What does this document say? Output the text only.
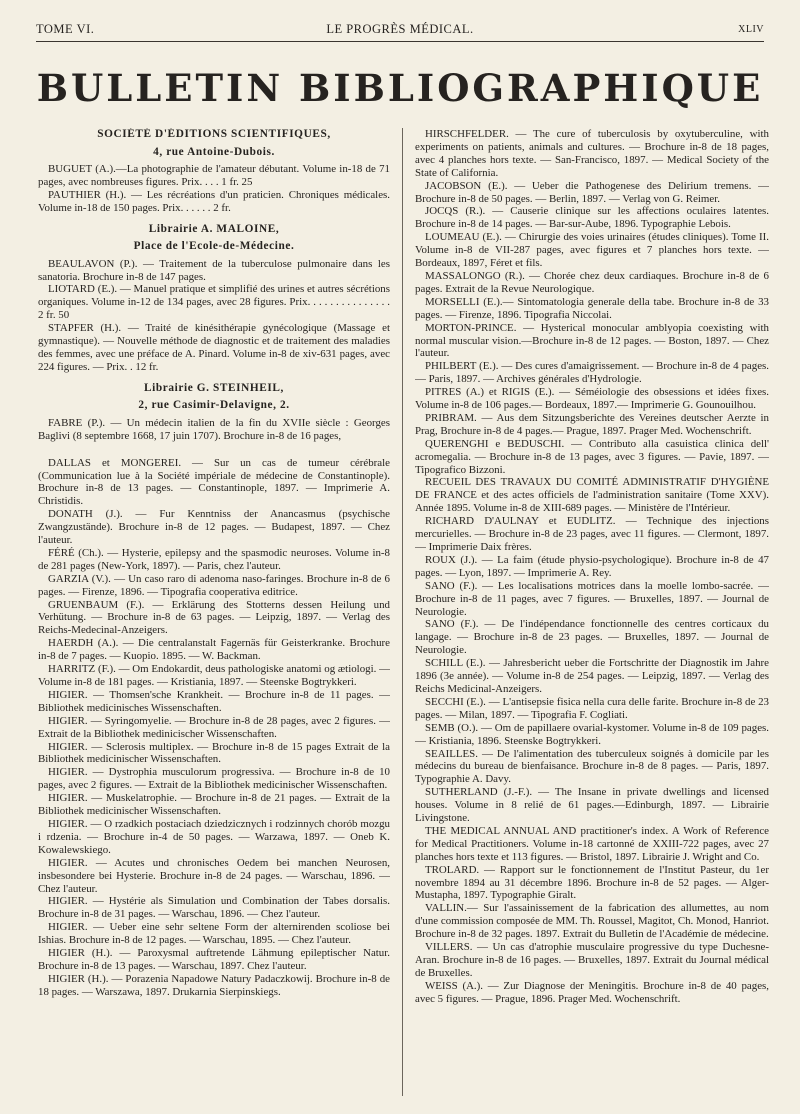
TOME VI.	LE PROGRÈS MÉDICAL.	XLIV
BULLETIN BIBLIOGRAPHIQUE
SOCIÉTÉ D'ÉDITIONS SCIENTIFIQUES,
4, rue Antoine-Dubois.

BUGUET (A.).—La photographie de l'amateur débutant. Volume in-18 de 71 pages, avec nombreuses figures. Prix. . . . 1 fr. 25

PAUTHIER (H.). — Les récréations d'un praticien. Chroniques médicales. Volume in-18 de 150 pages. Prix. . . . . . 2 fr.

Librairie A. MALOINE,
Place de l'Ecole-de-Médecine.

BEAULAVON (P.). — Traitement de la tuberculose pulmonaire dans les sanatoria. Brochure in-8 de 147 pages.

LIOTARD (E.). — Manuel pratique et simplifié des urines et autres sécrétions organiques. Volume in-12 de 134 pages, avec 28 figures. Prix. . . . . . . . . . . . . . . 2 fr. 50

STAPFER (H.). — Traité de kinésithérapie gynécologique (Massage et gymnastique). — Nouvelle méthode de diagnostic et de traitement des maladies des femmes, avec une préface de A. Pinard. Volume in-8 de xiv-631 pages, avec 224 figures. — Prix. . 12 fr.

Librairie G. STEINHEIL,
2, rue Casimir-Delavigne, 2.

FABRE (P.). — Un médecin italien de la fin du XVIIe siècle : Georges Baglivi (8 septembre 1668, 17 juin 1707). Brochure in-8 de 16 pages,

DALLAS et MONGEREI. — Sur un cas de tumeur cérébrale (Communication lue à la Société impériale de médecine de Constantinople). Brochure in-8 de 13 pages. — Constantinople, 1897. — Imprimerie A. Christidis.

DONATH (J.). — Fur Kenntniss der Anancasmus (psychische Zwangzustände). Brochure in-8 de 12 pages. — Budapest, 1897. — Chez l'auteur.

FÉRÉ (Ch.). — Hysterie, epilepsy and the spasmodic neuroses. Volume in-8 de 281 pages (New-York, 1897). — Paris, chez l'auteur.

GARZIA (V.). — Un caso raro di adenoma naso-faringes. Brochure in-8 de 6 pages. — Firenze, 1896. — Tipografia cooperativa editrice.

GRUENBAUM (F.). — Erklärung des Stotterns dessen Heilung und Verhütung. — Brochure in-8 de 63 pages. — Leipzig, 1897. — Verlag des Reichs-Medecinal-Anzeigers.

HAERDH (A.). — Die centralanstalt Fagernäs für Geisterkranke. Brochure in-8 de 7 pages. — Kuopio. 1895. — W. Backman.

HARRITZ (F.). — Om Endokardit, deus pathologiske anatomi og ætiologi. — Volume in-8 de 181 pages. — Kristiania, 1897. — Steenske Bogtrykkeri.

HIGIER. — Thomsen'sche Krankheit. — Brochure in-8 de 11 pages. — Bibliothek medicinisches Wissenschaften.

HIGIER. — Syringomyelie. — Brochure in-8 de 28 pages, avec 2 figures. — Extrait de la Bibliothek medinicischer Wissenschaften.

HIGIER. — Sclerosis multiplex. — Brochure in-8 de 15 pages Extrait de la Bibliothek medicinischer Wissenschaften.

HIGIER. — Dystrophia musculorum progressiva. — Brochure in-8 de 10 pages, avec 2 figures. — Extrait de la Bibliothek medicinischer Wissenschaften.

HIGIER. — Muskelatrophie. — Brochure in-8 de 21 pages. — Extrait de la Bibliothek medicinischer Wissenschaften.

HIGIER. — O rzadkich postaciach dziedzicznych i rodzinnych chorób mozgu i rdzenia. — Brochure in-4 de 50 pages. — Warzawa, 1897. — Oneb K. Kowalewskiego.

HIGIER. — Acutes und chronisches Oedem bei manchen Neurosen, insbesondere bei Hysterie. Brochure in-8 de 24 pages. — Warschau, 1896. — Chez l'auteur.

HIGIER. — Hystérie als Simulation und Combination der Tabes dorsalis. Brochure in-8 de 31 pages. — Warschau, 1896. — Chez l'auteur.

HIGIER. — Ueber eine sehr seltene Form der alternirenden scoliose bei Ishias. Brochure in-8 de 12 pages. — Warschau, 1895. — Chez l'auteur.

HIGIER (H.). — Paroxysmal auftretende Lähmung epileptischer Natur. Brochure in-8 de 13 pages. — Warschau, 1897. Chez l'auteur.

HIGIER (H.). — Porazenia Napadowe Natury Padaczkowij. Brochure in-8 de 18 pages. — Warszawa, 1897. Drukarnia Sierpinskiegs.

HIRSCHFELDER. — The cure of tuberculosis by oxytuberculine, with experiments on patients, animals and cultures. — Brochure in-8 de 18 pages, avec 4 planches hors texte. — San-Francisco, 1897. — Medical Society of the State of California.

JACOBSON (E.). — Ueber die Pathogenese des Delirium tremens. — Brochure in-8 de 50 pages. — Berlin, 1897. — Verlag von G. Reimer.

JOCQS (R.). — Causerie clinique sur les affections oculaires latentes. Brochure in-8 de 14 pages. — Bar-sur-Aube, 1896. Typographie Lebois.

LOUMEAU (E.). — Chirurgie des voies urinaires (études cliniques). Tome II. Volume in-8 de VII-287 pages, avec figures et 7 planches hors texte. — Bordeaux, 1897, Féret et fils.

MASSALONGO (R.). — Chorée chez deux cardiaques. Brochure in-8 de 6 pages. Extrait de la Revue Neurologique.

MORSELLI (E.).— Sintomatologia generale della tabe. Brochure in-8 de 33 pages. — Firenze, 1896. Tipografia Niccolai.

MORTON-PRINCE. — Hysterical monocular amblyopia coexisting with normal muscular vision.—Brochure in-8 de 12 pages. — Boston, 1897. — Chez l'auteur.

PHILBERT (E.). — Des cures d'amaigrissement. — Brochure in-8 de 4 pages. — Paris, 1897. — Archives générales d'Hydrologie.

PITRES (A.) et RIGIS (E.). — Séméiologie des obsessions et idées fixes. Volume in-8 de 106 pages.— Bordeaux, 1897.— Imprimerie G. Gounouilhou.

PRIBRAM. — Aus dem Sitzungsberichte des Vereines deutscher Aerzte in Prag, Brochure in-8 de 4 pages.— Prague, 1897. Prager Med. Wochenschrift.

QUERENGHI e BEDUSCHI. — Contributo alla casuistica clinica dell' acromegalia. — Brochure in-8 de 13 pages, avec 3 figures. — Pavie, 1897. — Tipografico Bizzoni.

RECUEIL DES TRAVAUX DU COMITÉ ADMINISTRATIF D'HYGIÈNE DE FRANCE et des actes officiels de l'administration sanitaire (Tome XXV). Année 1895. Volume in-8 de XIII-689 pages. — Ministère de l'Intérieur.

RICHARD D'AULNAY et EUDLITZ. — Technique des injections mercurielles. — Brochure in-8 de 23 pages, avec 11 figures. — Clermont, 1897. — Imprimerie Daix frères.

ROUX (J.). — La faim (étude physio-psychologique). Brochure in-8 de 47 pages. — Lyon, 1897. — Imprimerie A. Rey.

SANO (F.). — Les localisations motrices dans la moelle lombo-sacrée. — Brochure in-8 de 11 pages, avec 7 figures. — Bruxelles, 1897. — Journal de Neurologie.

SANO (F.). — De l'indépendance fonctionnelle des centres corticaux du langage. — Brochure in-8 de 23 pages. — Bruxelles, 1897. — Journal de Neurologie.

SCHILL (E.). — Jahresbericht ueber die Fortschritte der Diagnostik im Jahre 1896 (3e année). — Volume in-8 de 254 pages. — Leipzig, 1897. — Verlag des Reichs Medicinal-Anzeigers.

SECCHI (E.). — L'antisepsie fisica nella cura delle farite. Brochure in-8 de 23 pages. — Milan, 1897. — Tipografia F. Cogliati.

SEMB (O.). — Om de papillaere ovarial-kystomer. Volume in-8 de 109 pages. — Kristiania, 1896. Steenske Bogtrykkeri.

SEAILLES. — De l'alimentation des tuberculeux soignés à domicile par les médecins du bureau de bienfaisance. Brochure in-8 de 8 pages. — Paris, 1897. Typographie A. Davy.

SUTHERLAND (J.-F.). — The Insane in private dwellings and licensed houses. Volume in 8 relié de 61 pages.—Edinburgh, 1897. — Librairie Livingstone.

THE MEDICAL ANNUAL AND practitioner's index. A Work of Reference for Medical Practitioners. Volume in-18 cartonné de XXIII-722 pages, avec 27 planches hors texte et 113 figures. — Bristol, 1897. Librairie J. Wright and Co.

TROLARD. — Rapport sur le fonctionnement de l'Institut Pasteur, du 1er novembre 1894 au 31 décembre 1896. Brochure in-8 de 52 pages. — Alger-Mustapha, 1897. Typographie Giralt.

VALLIN.— Sur l'assainissement de la fabrication des allumettes, au nom d'une commission composée de MM. Th. Roussel, Magitot, Ch. Monod, Hanriot. Brochure in-8 de 32 pages. 1897. Extrait du Bulletin de l'Académie de médecine.

VILLERS. — Un cas d'atrophie musculaire progressive du type Duchesne-Aran. Brochure in-8 de 16 pages. — Bruxelles, 1897. Extrait du Journal médical de Bruxelles.

WEISS (A.). — Zur Diagnose der Meningitis. Brochure in-8 de 40 pages, avec 5 figures. — Prague, 1896. Prager Med. Wochenschrift.
